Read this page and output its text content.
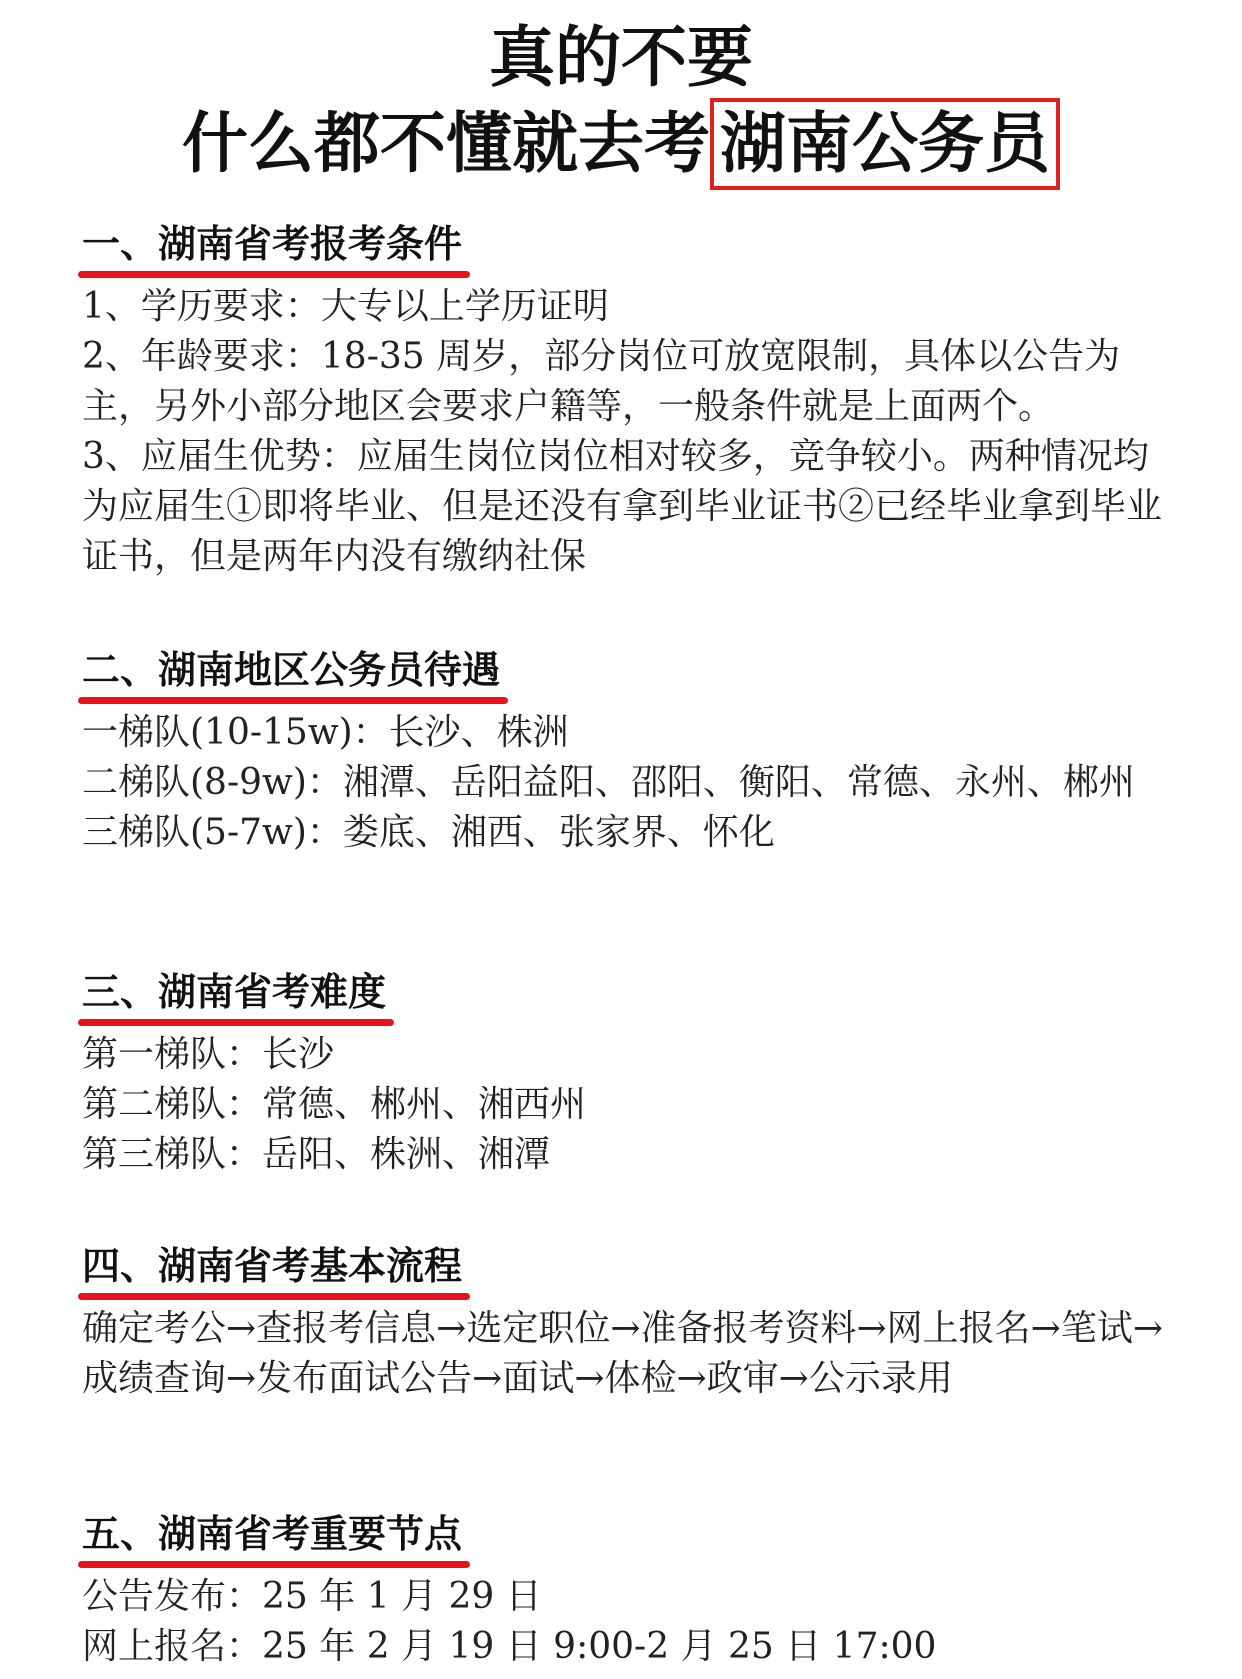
真的不要
什么都不懂就去考 湖南公务员
一、湖南省考报考条件
1、学历要求：大专以上学历证明
2、年龄要求：18-35 周岁，部分岗位可放宽限制，具体以公告为主，另外小部分地区会要求户籍等，一般条件就是上面两个。
3、应届生优势：应届生岗位岗位相对较多，竞争较小。两种情况均为应届生①即将毕业、但是还没有拿到毕业证书②已经毕业拿到毕业证书，但是两年内没有缴纳社保
二、湖南地区公务员待遇
一梯队(10-15w)：长沙、株洲
二梯队(8-9w)：湘潭、岳阳益阳、邵阳、衡阳、常德、永州、郴州
三梯队(5-7w)：娄底、湘西、张家界、怀化
三、湖南省考难度
第一梯队：长沙
第二梯队：常德、郴州、湘西州
第三梯队：岳阳、株洲、湘潭
四、湖南省考基本流程
确定考公→查报考信息→选定职位→准备报考资料→网上报名→笔试→成绩查询→发布面试公告→面试→体检→政审→公示录用
五、湖南省考重要节点
公告发布：25 年 1 月 29 日
网上报名：25 年 2 月 19 日 9:00-2 月 25 日 17:00
